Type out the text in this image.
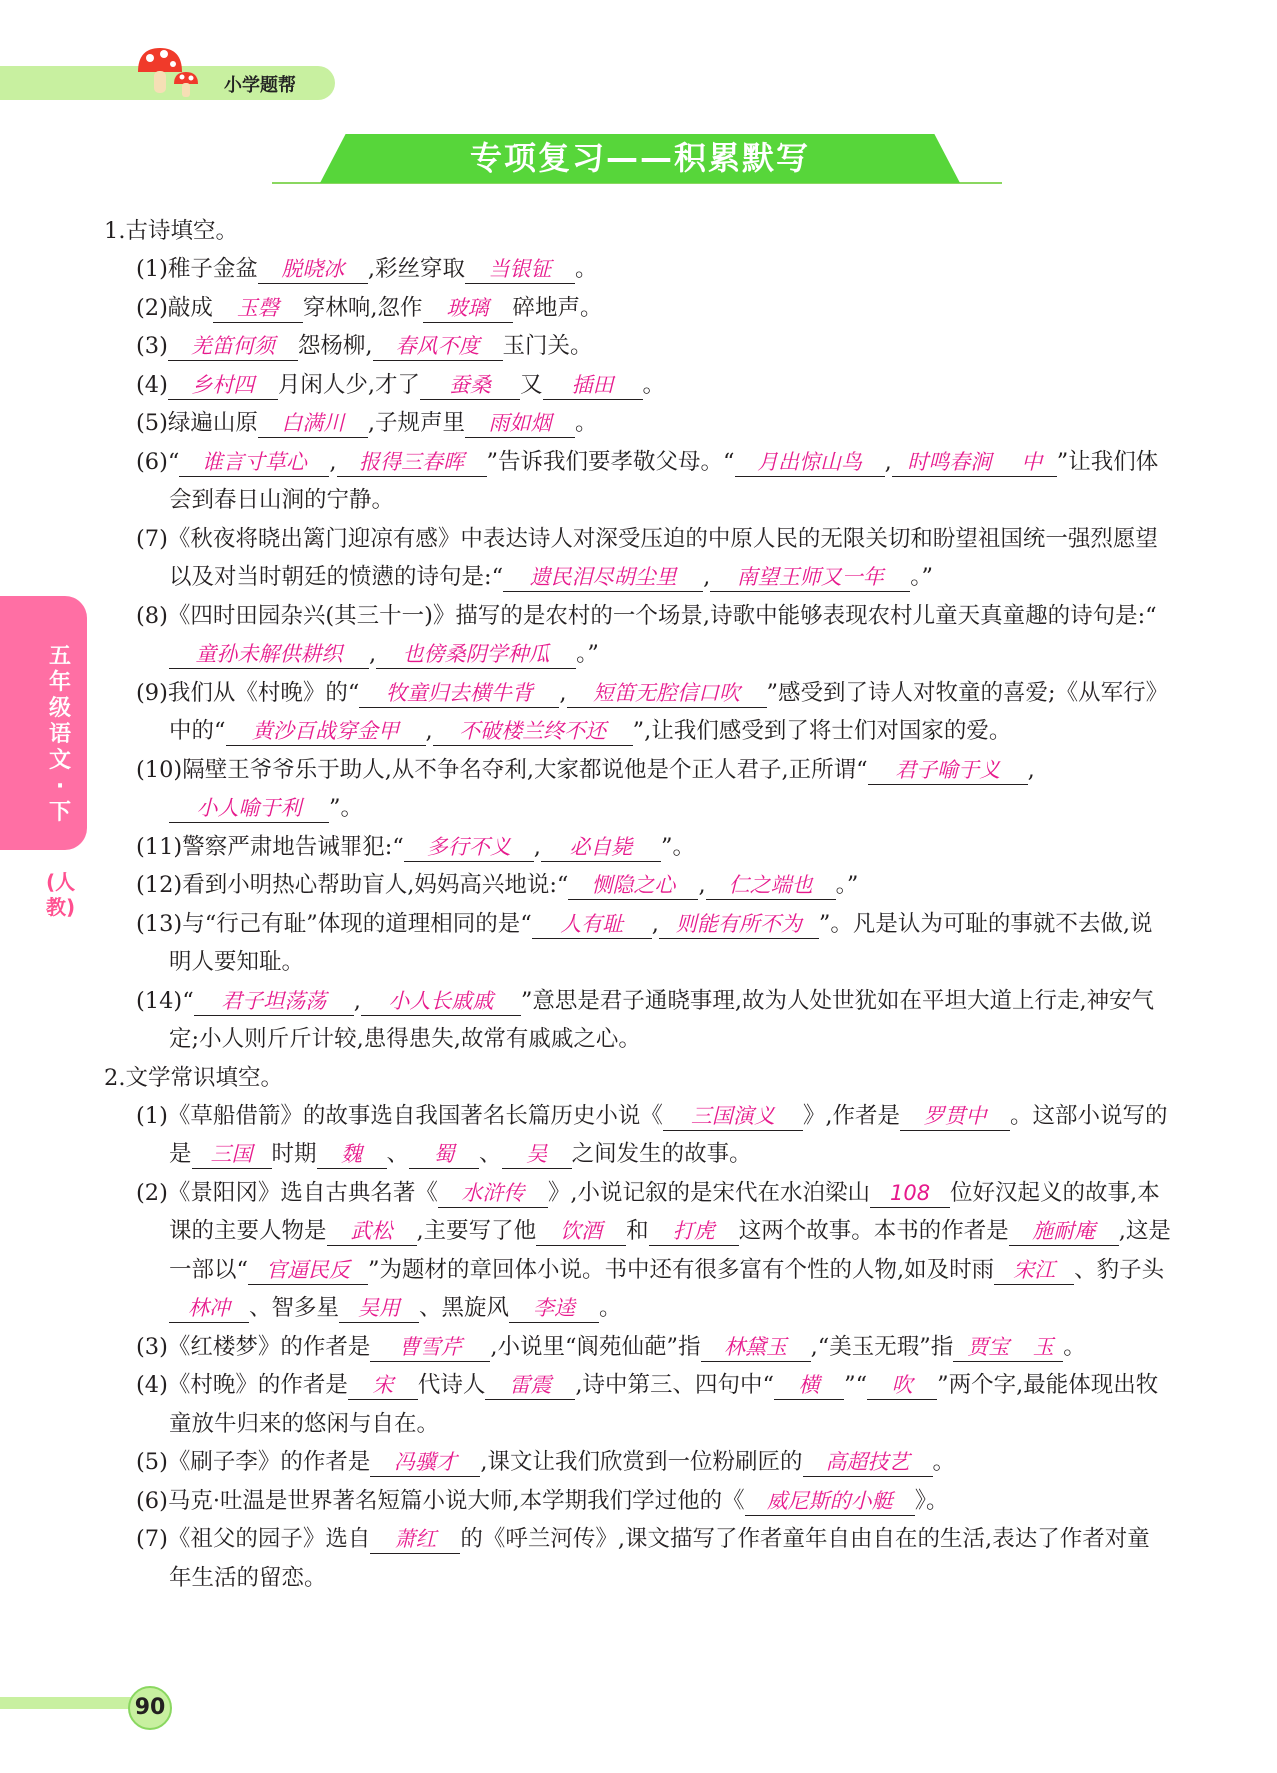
小学题帮
专项复习——积累默写
五年级语文·下
(人教)
1.古诗填空。
(1)稚子金盆 脱晓冰 ,彩丝穿取 当银钲 。
(2)敲成 玉磬 穿林响,忽作 玻璃 碎地声。
(3) 羌笛何须 怨杨柳, 春风不度 玉门关。
(4) 乡村四 月闲人少,才了 蚕桑 又 插田 。
(5)绿遍山原 白满川 ,子规声里 雨如烟 。
(6)“ 谁言寸草心 , 报得三春晖 ”告诉我们要孝敬父母。“ 月出惊山鸟 , 时鸣春涧 中 ”让我们体会到春日山涧的宁静。
(7)《秋夜将晓出篱门迎凉有感》中表达诗人对深受压迫的中原人民的无限关切和盼望祖国统一强烈愿望以及对当时朝廷的愤懑的诗句是:“ 遗民泪尽胡尘里 , 南望王师又一年 。”
(8)《四时田园杂兴(其三十一)》描写的是农村的一个场景,诗歌中能够表现农村儿童天真童趣的诗句是:“童孙未解供耕织 , 也傍桑阴学种瓜 。”
(9)我们从《村晚》的“ 牧童归去横牛背 , 短笛无腔信口吹 ”感受到了诗人对牧童的喜爱;《从军行》中的“ 黄沙百战穿金甲 , 不破楼兰终不还 ”,让我们感受到了将士们对国家的爱。
(10)隔壁王爷爷乐于助人,从不争名夺利,大家都说他是个正人君子,正所谓“ 君子喻于义 ,小人喻于利 ”。
(11)警察严肃地告诫罪犯:“ 多行不义 , 必自毙 ”。
(12)看到小明热心帮助盲人,妈妈高兴地说:“ 恻隐之心 , 仁之端也 。”
(13)与“行己有耻”体现的道理相同的是“ 人有耻 , 则能有所不为 ”。凡是认为可耻的事就不去做,说明人要知耻。
(14)“ 君子坦荡荡 , 小人长戚戚 ”意思是君子通晓事理,故为人处世犹如在平坦大道上行走,神安气定;小人则斤斤计较,患得患失,故常有戚戚之心。
2.文学常识填空。
(1)《草船借箭》的故事选自我国著名长篇历史小说《 三国演义 》,作者是 罗贯中 。这部小说写的是 三国 时期 魏 、 蜀 、 吴 之间发生的故事。
(2)《景阳冈》选自古典名著《 水浒传 》,小说记叙的是宋代在水泊梁山 108 位好汉起义的故事,本课的主要人物是 武松 ,主要写了他 饮酒 和 打虎 这两个故事。本书的作者是 施耐庵 ,这是一部以“ 官逼民反 ”为题材的章回体小说。书中还有很多富有个性的人物,如及时雨 宋江 、豹子头林冲 、智多星 吴用 、黑旋风 李逵 。
(3)《红楼梦》的作者是 曹雪芹 ,小说里“阆苑仙葩”指 林黛玉 ,“美玉无瑕”指 贾宝 玉 。
(4)《村晚》的作者是 宋 代诗人 雷震 ,诗中第三、四句中“ 横 ”“ 吹 ”两个字,最能体现出牧童放牛归来的悠闲与自在。
(5)《刷子李》的作者是 冯骥才 ,课文让我们欣赏到一位粉刷匠的 高超技艺 。
(6)马克·吐温是世界著名短篇小说大师,本学期我们学过他的《 威尼斯的小艇 》。
(7)《祖父的园子》选自 萧红 的《呼兰河传》,课文描写了作者童年自由自在的生活,表达了作者对童年生活的留恋。
90
